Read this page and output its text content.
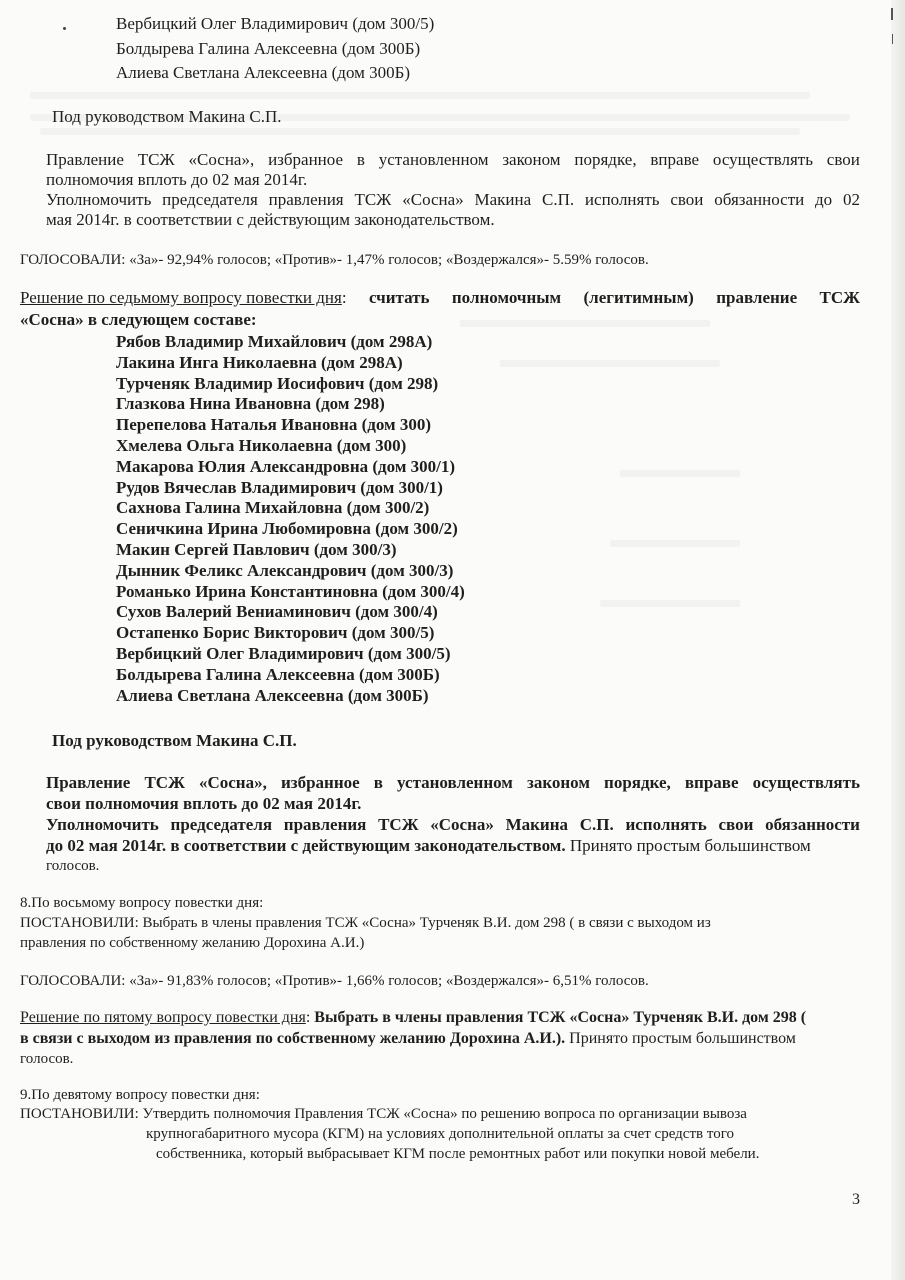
Вербицкий Олег Владимирович (дом 300/5)

Болдырева Галина Алексеевна (дом 300Б)

Алиева Светлана Алексеевна (дом 300Б)

Под руководством Макина С.П.

Правление ТСЖ «Сосна», избранное в установленном законом порядке, вправе осуществлять свои

полномочия вплоть до 02 мая 2014г.

Уполномочить председателя правления ТСЖ «Сосна» Макина С.П. исполнять свои обязанности до 02

мая 2014г. в соответствии с действующим законодательством.

ГОЛОСОВАЛИ: «За»- 92,94% голосов; «Против»- 1,47% голосов; «Воздержался»- 5.59% голосов.

Решение по седьмому вопросу повестки дня: считать полномочным (легитимным) правление ТСЖ

«Сосна» в следующем составе:

Рябов Владимир Михайлович (дом 298А)

Лакина Инга Николаевна (дом 298А)

Турченяк Владимир Иосифович (дом 298)

Глазкова Нина Ивановна (дом 298)

Перепелова Наталья Ивановна (дом 300)

Хмелева Ольга Николаевна (дом 300)

Макарова Юлия Александровна (дом 300/1)

Рудов Вячеслав Владимирович (дом 300/1)

Сахнова Галина Михайловна (дом 300/2)

Сеничкина Ирина Любомировна (дом 300/2)

Макин Сергей Павлович (дом 300/3)

Дынник Феликс Александрович (дом 300/3)

Романько Ирина Константиновна (дом 300/4)

Сухов Валерий Вениаминович (дом 300/4)

Остапенко Борис Викторович (дом 300/5)

Вербицкий Олег Владимирович (дом 300/5)

Болдырева Галина Алексеевна (дом 300Б)

Алиева Светлана Алексеевна (дом 300Б)

Под руководством Макина С.П.

Правление ТСЖ «Сосна», избранное в установленном законом порядке, вправе осуществлять

свои полномочия вплоть до 02 мая 2014г.

Уполномочить председателя правления ТСЖ «Сосна» Макина С.П. исполнять свои обязанности

до 02 мая 2014г. в соответствии с действующим законодательством. Принято простым большинством

голосов.

8.По восьмому вопросу повестки дня:

ПОСТАНОВИЛИ: Выбрать в члены правления ТСЖ «Сосна» Турченяк В.И. дом 298 ( в связи с выходом из

правления по собственному желанию Дорохина А.И.)

ГОЛОСОВАЛИ: «За»- 91,83% голосов; «Против»- 1,66% голосов; «Воздержался»- 6,51% голосов.

Решение по пятому вопросу повестки дня: Выбрать в члены правления ТСЖ «Сосна» Турченяк В.И. дом 298 (

в связи с выходом из правления по собственному желанию Дорохина А.И.). Принято простым большинством

голосов.

9.По девятому вопросу повестки дня:

ПОСТАНОВИЛИ: Утвердить полномочия Правления ТСЖ «Сосна» по решению вопроса по организации вывоза

крупногабаритного мусора (КГМ) на условиях дополнительной оплаты за счет средств того

собственника, который выбрасывает КГМ после ремонтных работ или покупки новой мебели.

3
